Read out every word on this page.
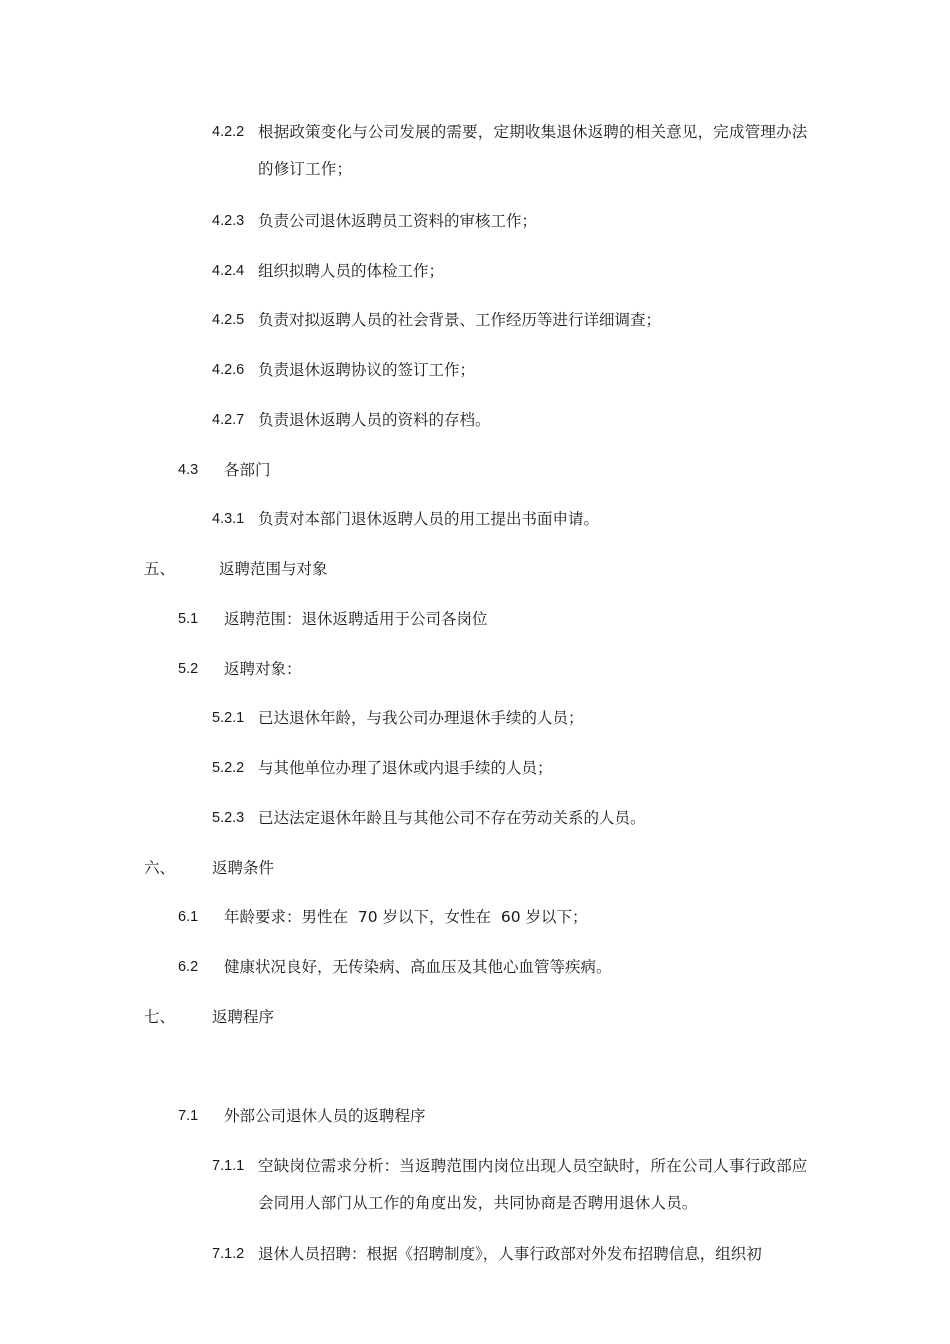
4.2.2 根据政策变化与公司发展的需要，定期收集退休返聘的相关意见，完成管理办法的修订工作；
4.2.3 负责公司退休返聘员工资料的审核工作；
4.2.4 组织拟聘人员的体检工作；
4.2.5 负责对拟返聘人员的社会背景、工作经历等进行详细调查；
4.2.6 负责退休返聘协议的签订工作；
4.2.7 负责退休返聘人员的资料的存档。
4.3 各部门
4.3.1 负责对本部门退休返聘人员的用工提出书面申请。
五、	返聘范围与对象
5.1 返聘范围：退休返聘适用于公司各岗位
5.2 返聘对象：
5.2.1 已达退休年龄，与我公司办理退休手续的人员；
5.2.2 与其他单位办理了退休或内退手续的人员；
5.2.3 已达法定退休年龄且与其他公司不存在劳动关系的人员。
六、 返聘条件
6.1 年龄要求：男性在  70 岁以下，女性在  60 岁以下；
6.2 健康状况良好，无传染病、高血压及其他心血管等疾病。
七、 返聘程序
7.1 外部公司退休人员的返聘程序
7.1.1 空缺岗位需求分析：当返聘范围内岗位出现人员空缺时，所在公司人事行政部应会同用人部门从工作的角度出发，共同协商是否聘用退休人员。
7.1.2 退休人员招聘：根据《招聘制度》，人事行政部对外发布招聘信息，组织初
